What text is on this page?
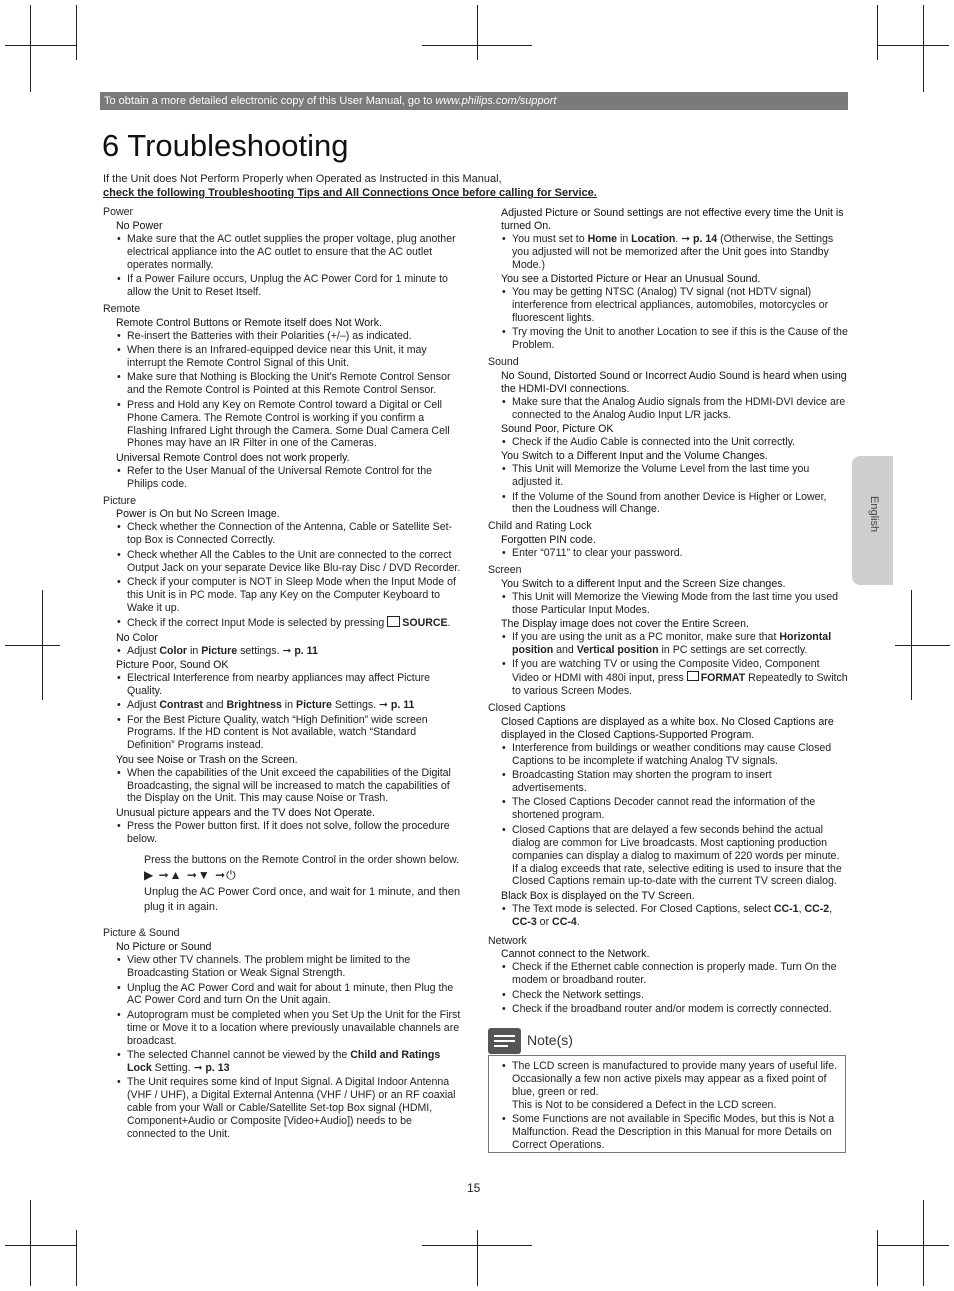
To obtain a more detailed electronic copy of this User Manual, go to www.philips.com/support
6 Troubleshooting
If the Unit does Not Perform Properly when Operated as Instructed in this Manual,
check the following Troubleshooting Tips and All Connections Once before calling for Service.
Power
No Power
• Make sure that the AC outlet supplies the proper voltage, plug another electrical appliance into the AC outlet to ensure that the AC outlet operates normally.
• If a Power Failure occurs, Unplug the AC Power Cord for 1 minute to allow the Unit to Reset Itself.
Remote
Remote Control Buttons or Remote itself does Not Work.
• Re-insert the Batteries with their Polarities (+/–) as indicated.
• When there is an Infrared-equipped device near this Unit, it may interrupt the Remote Control Signal of this Unit.
• Make sure that Nothing is Blocking the Unit's Remote Control Sensor and the Remote Control is Pointed at this Remote Control Sensor.
• Press and Hold any Key on Remote Control toward a Digital or Cell Phone Camera. The Remote Control is working if you confirm a Flashing Infrared Light through the Camera. Some Dual Camera Cell Phones may have an IR Filter in one of the Cameras.
Universal Remote Control does not work properly.
• Refer to the User Manual of the Universal Remote Control for the Philips code.
Picture
Power is On but No Screen Image.
• Check whether the Connection of the Antenna, Cable or Satellite Set-top Box is Connected Correctly.
• Check whether All the Cables to the Unit are connected to the correct Output Jack on your separate Device like Blu-ray Disc / DVD Recorder.
• Check if your computer is NOT in Sleep Mode when the Input Mode of this Unit is in PC mode. Tap any Key on the Computer Keyboard to Wake it up.
• Check if the correct Input Mode is selected by pressing SOURCE.
No Color
• Adjust Color in Picture settings. ➞ p. 11
Picture Poor, Sound OK
• Electrical Interference from nearby appliances may affect Picture Quality.
• Adjust Contrast and Brightness in Picture Settings. ➞ p. 11
• For the Best Picture Quality, watch “High Definition” wide screen Programs. If the HD content is Not available, watch “Standard Definition” Programs instead.
You see Noise or Trash on the Screen.
• When the capabilities of the Unit exceed the capabilities of the Digital Broadcasting, the signal will be increased to match the capabilities of the Display on the Unit. This may cause Noise or Trash.
Unusual picture appears and the TV does Not Operate.
• Press the Power button first. If it does not solve, follow the procedure below.
Press the buttons on the Remote Control in the order shown below.
▶ ➞▲ ➞▼ ➞⏻
Unplug the AC Power Cord once, and wait for 1 minute, and then plug it in again.
Picture & Sound
No Picture or Sound
• View other TV channels. The problem might be limited to the Broadcasting Station or Weak Signal Strength.
• Unplug the AC Power Cord and wait for about 1 minute, then Plug the AC Power Cord and turn On the Unit again.
• Autoprogram must be completed when you Set Up the Unit for the First time or Move it to a location where previously unavailable channels are broadcast.
• The selected Channel cannot be viewed by the Child and Ratings Lock Setting. ➞ p. 13
• The Unit requires some kind of Input Signal. A Digital Indoor Antenna (VHF / UHF), a Digital External Antenna (VHF / UHF) or an RF coaxial cable from your Wall or Cable/Satellite Set-top Box signal (HDMI, Component+Audio or Composite [Video+Audio]) needs to be connected to the Unit.
Adjusted Picture or Sound settings are not effective every time the Unit is turned On.
• You must set to Home in Location. ➞ p. 14 (Otherwise, the Settings you adjusted will not be memorized after the Unit goes into Standby Mode.)
You see a Distorted Picture or Hear an Unusual Sound.
• You may be getting NTSC (Analog) TV signal (not HDTV signal) interference from electrical appliances, automobiles, motorcycles or fluorescent lights.
• Try moving the Unit to another Location to see if this is the Cause of the Problem.
Sound
No Sound, Distorted Sound or Incorrect Audio Sound is heard when using the HDMI-DVI connections.
• Make sure that the Analog Audio signals from the HDMI-DVI device are connected to the Analog Audio Input L/R jacks.
Sound Poor, Picture OK
• Check if the Audio Cable is connected into the Unit correctly.
You Switch to a Different Input and the Volume Changes.
• This Unit will Memorize the Volume Level from the last time you adjusted it.
• If the Volume of the Sound from another Device is Higher or Lower, then the Loudness will Change.
Child and Rating Lock
Forgotten PIN code.
• Enter “0711” to clear your password.
Screen
You Switch to a different Input and the Screen Size changes.
• This Unit will Memorize the Viewing Mode from the last time you used those Particular Input Modes.
The Display image does not cover the Entire Screen.
• If you are using the unit as a PC monitor, make sure that Horizontal position and Vertical position in PC settings are set correctly.
• If you are watching TV or using the Composite Video, Component Video or HDMI with 480i input, press FORMAT Repeatedly to Switch to various Screen Modes.
Closed Captions
Closed Captions are displayed as a white box. No Closed Captions are displayed in the Closed Captions-Supported Program.
• Interference from buildings or weather conditions may cause Closed Captions to be incomplete if watching Analog TV signals.
• Broadcasting Station may shorten the program to insert advertisements.
• The Closed Captions Decoder cannot read the information of the shortened program.
• Closed Captions that are delayed a few seconds behind the actual dialog are common for Live broadcasts. Most captioning production companies can display a dialog to maximum of 220 words per minute. If a dialog exceeds that rate, selective editing is used to insure that the Closed Captions remain up-to-date with the current TV screen dialog.
Black Box is displayed on the TV Screen.
• The Text mode is selected. For Closed Captions, select CC-1, CC-2, CC-3 or CC-4.
Network
Cannot connect to the Network.
• Check if the Ethernet cable connection is properly made. Turn On the modem or broadband router.
• Check the Network settings.
• Check if the broadband router and/or modem is correctly connected.
Note(s)
• The LCD screen is manufactured to provide many years of useful life. Occasionally a few non active pixels may appear as a fixed point of blue, green or red.
This is Not to be considered a Defect in the LCD screen.
• Some Functions are not available in Specific Modes, but this is Not a Malfunction. Read the Description in this Manual for more Details on Correct Operations.
English
15
